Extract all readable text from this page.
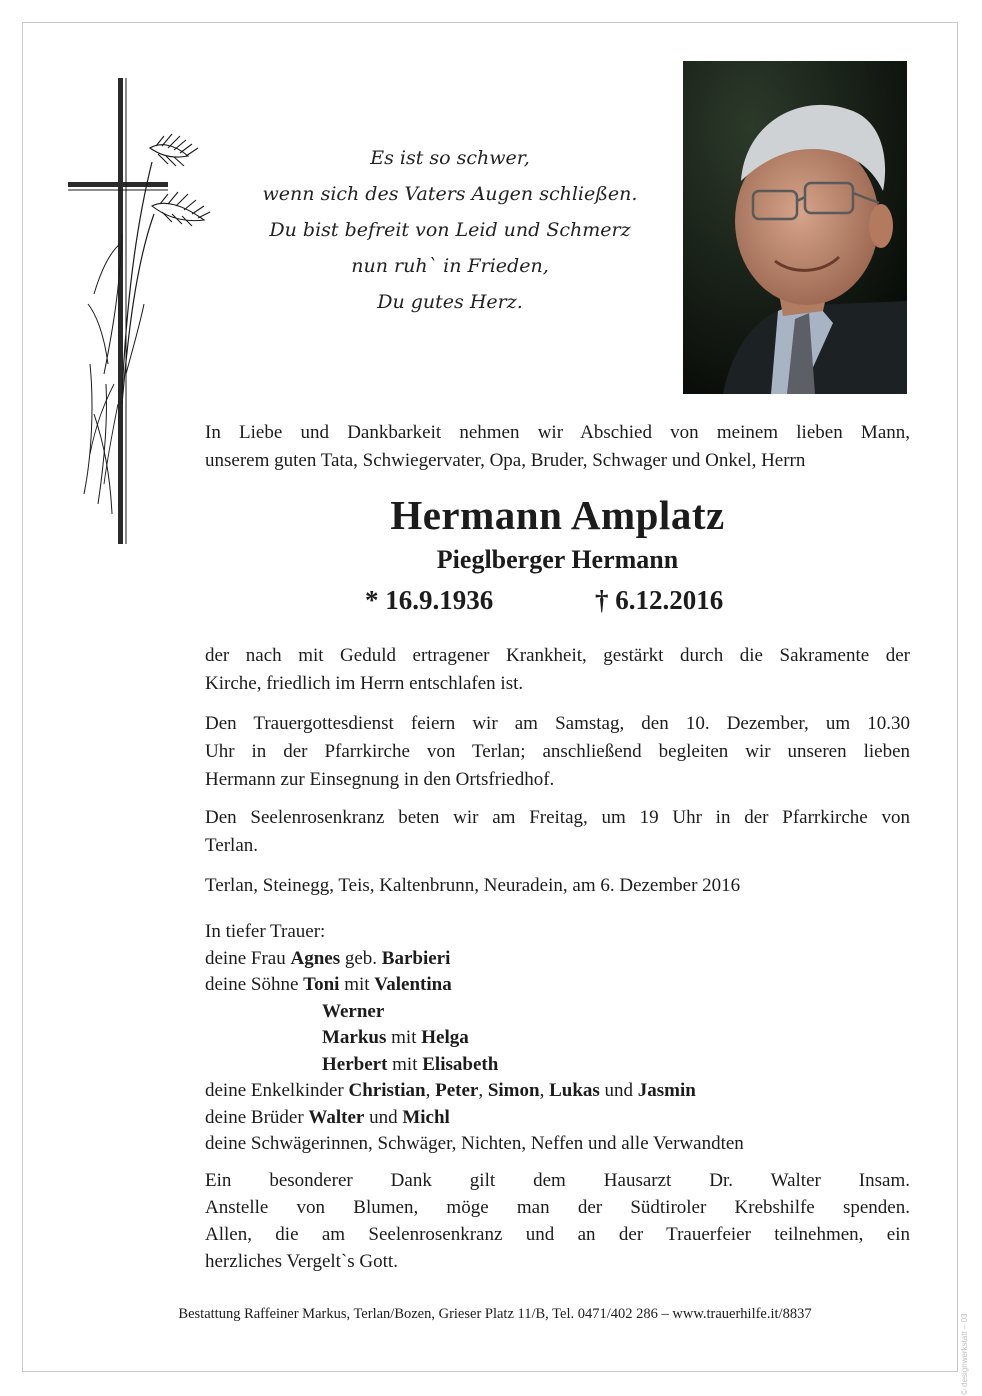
Es ist so schwer,
wenn sich des Vaters Augen schließen.
Du bist befreit von Leid und Schmerz
nun ruh` in Frieden,
Du gutes Herz.
In Liebe und Dankbarkeit nehmen wir Abschied von meinem lieben Mann,
unserem guten Tata, Schwiegervater, Opa, Bruder, Schwager und Onkel, Herrn
Hermann Amplatz
Pieglberger Hermann
* 16.9.1936	† 6.12.2016
der nach mit Geduld ertragener Krankheit, gestärkt durch die Sakramente der
Kirche, friedlich im Herrn entschlafen ist.
Den Trauergottesdienst feiern wir am Samstag, den 10. Dezember, um 10.30
Uhr in der Pfarrkirche von Terlan; anschließend begleiten wir unseren lieben
Hermann zur Einsegnung in den Ortsfriedhof.
Den Seelenrosenkranz beten wir am Freitag, um 19 Uhr in der Pfarrkirche von
Terlan.
Terlan, Steinegg, Teis, Kaltenbrunn, Neuradein, am 6. Dezember 2016
In tiefer Trauer:
deine Frau Agnes geb. Barbieri
deine Söhne Toni mit Valentina
Werner
Markus mit Helga
Herbert mit Elisabeth
deine Enkelkinder Christian, Peter, Simon, Lukas und Jasmin
deine Brüder Walter und Michl
deine Schwägerinnen, Schwäger, Nichten, Neffen und alle Verwandten
Ein besonderer Dank gilt dem Hausarzt Dr. Walter Insam.
Anstelle von Blumen, möge man der Südtiroler Krebshilfe spenden.
Allen, die am Seelenrosenkranz und an der Trauerfeier teilnehmen, ein
herzliches Vergelt`s Gott.
Bestattung Raffeiner Markus, Terlan/Bozen, Grieser Platz 11/B, Tel. 0471/402 286 – www.trauerhilfe.it/8837	© designwerkstatt – 03
